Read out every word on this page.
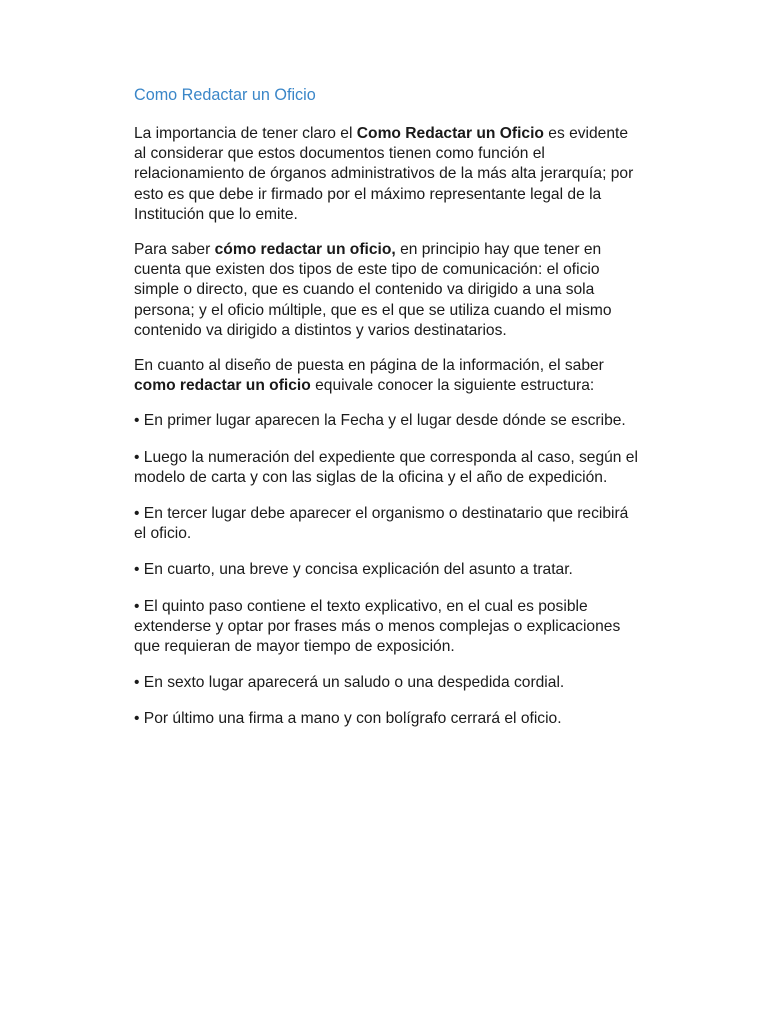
Como Redactar un Oficio

La importancia de tener claro el Como Redactar un Oficio es evidente al considerar que estos documentos tienen como función el relacionamiento de órganos administrativos de la más alta jerarquía; por esto es que debe ir firmado por el máximo representante legal de la Institución que lo emite.

Para saber cómo redactar un oficio, en principio hay que tener en cuenta que existen dos tipos de este tipo de comunicación: el oficio simple o directo, que es cuando el contenido va dirigido a una sola persona; y el oficio múltiple, que es el que se utiliza cuando el mismo contenido va dirigido a distintos y varios destinatarios.

En cuanto al diseño de puesta en página de la información, el saber como redactar un oficio equivale conocer la siguiente estructura:

• En primer lugar aparecen la Fecha y el lugar desde dónde se escribe.

• Luego la numeración del expediente que corresponda al caso, según el modelo de carta y con las siglas de la oficina y el año de expedición.

• En tercer lugar debe aparecer el organismo o destinatario que recibirá el oficio.

• En cuarto, una breve y concisa explicación del asunto a tratar.

• El quinto paso contiene el texto explicativo, en el cual es posible extenderse y optar por frases más o menos complejas o explicaciones que requieran de mayor tiempo de exposición.

• En sexto lugar aparecerá un saludo o una despedida cordial.

• Por último una firma a mano y con bolígrafo cerrará el oficio.
